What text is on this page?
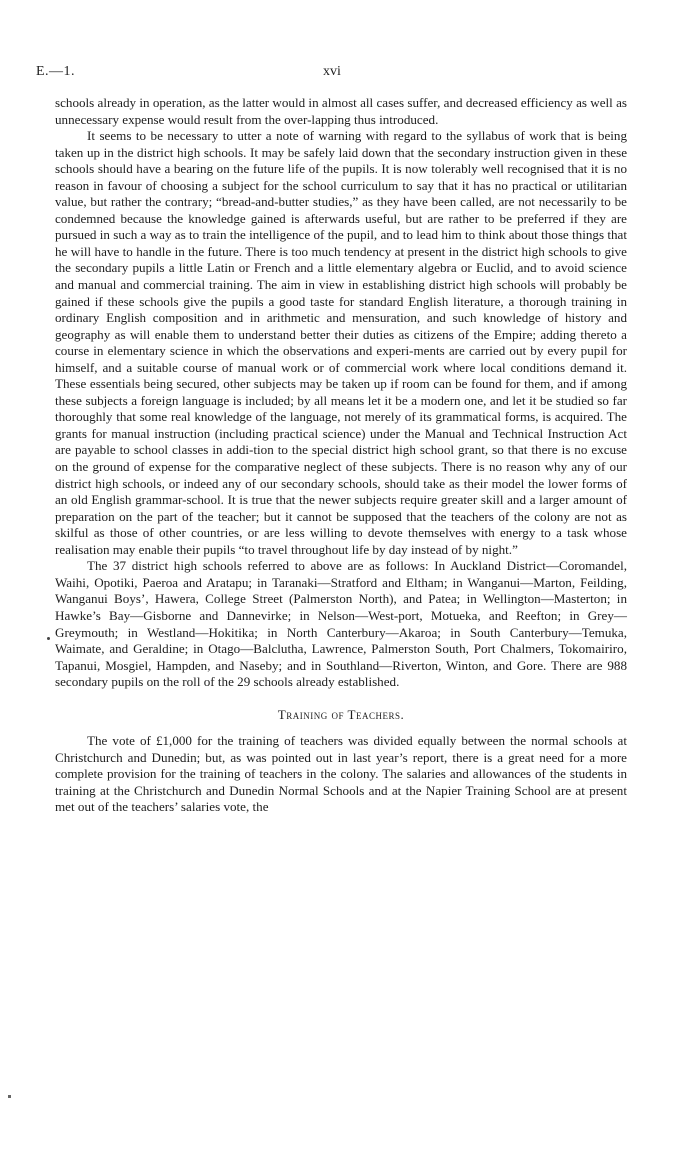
E.—1.	xvi

schools already in operation, as the latter would in almost all cases suffer, and decreased efficiency as well as unnecessary expense would result from the over-lapping thus introduced.

It seems to be necessary to utter a note of warning with regard to the syllabus of work that is being taken up in the district high schools. It may be safely laid down that the secondary instruction given in these schools should have a bearing on the future life of the pupils. It is now tolerably well recognised that it is no reason in favour of choosing a subject for the school curriculum to say that it has no practical or utilitarian value, but rather the contrary; “bread-and-butter studies,” as they have been called, are not necessarily to be condemned because the knowledge gained is afterwards useful, but are rather to be preferred if they are pursued in such a way as to train the intelligence of the pupil, and to lead him to think about those things that he will have to handle in the future. There is too much tendency at present in the district high schools to give the secondary pupils a little Latin or French and a little elementary algebra or Euclid, and to avoid science and manual and commercial training. The aim in view in establishing district high schools will probably be gained if these schools give the pupils a good taste for standard English literature, a thorough training in ordinary English composition and in arithmetic and mensuration, and such knowledge of history and geography as will enable them to understand better their duties as citizens of the Empire; adding thereto a course in elementary science in which the observations and experi-ments are carried out by every pupil for himself, and a suitable course of manual work or of commercial work where local conditions demand it. These essentials being secured, other subjects may be taken up if room can be found for them, and if among these subjects a foreign language is included; by all means let it be a modern one, and let it be studied so far thoroughly that some real knowledge of the language, not merely of its grammatical forms, is acquired. The grants for manual instruction (including practical science) under the Manual and Technical Instruction Act are payable to school classes in addi-tion to the special district high school grant, so that there is no excuse on the ground of expense for the comparative neglect of these subjects. There is no reason why any of our district high schools, or indeed any of our secondary schools, should take as their model the lower forms of an old English grammar-school. It is true that the newer subjects require greater skill and a larger amount of preparation on the part of the teacher; but it cannot be supposed that the teachers of the colony are not as skilful as those of other countries, or are less willing to devote themselves with energy to a task whose realisation may enable their pupils “to travel throughout life by day instead of by night.”

The 37 district high schools referred to above are as follows: In Auckland District—Coromandel, Waihi, Opotiki, Paeroa and Aratapu; in Taranaki—Stratford and Eltham; in Wanganui—Marton, Feilding, Wanganui Boys’, Hawera, College Street (Palmerston North), and Patea; in Wellington—Masterton; in Hawke’s Bay—Gisborne and Dannevirke; in Nelson—West-port, Motueka, and Reefton; in Grey—Greymouth; in Westland—Hokitika; in North Canterbury—Akaroa; in South Canterbury—Temuka, Waimate, and Geraldine; in Otago—Balclutha, Lawrence, Palmerston South, Port Chalmers, Tokomairiro, Tapanui, Mosgiel, Hampden, and Naseby; and in Southland—Riverton, Winton, and Gore. There are 988 secondary pupils on the roll of the 29 schools already established.

Training of Teachers.

The vote of £1,000 for the training of teachers was divided equally between the normal schools at Christchurch and Dunedin; but, as was pointed out in last year’s report, there is a great need for a more complete provision for the training of teachers in the colony. The salaries and allowances of the students in training at the Christchurch and Dunedin Normal Schools and at the Napier Training School are at present met out of the teachers’ salaries vote, the
